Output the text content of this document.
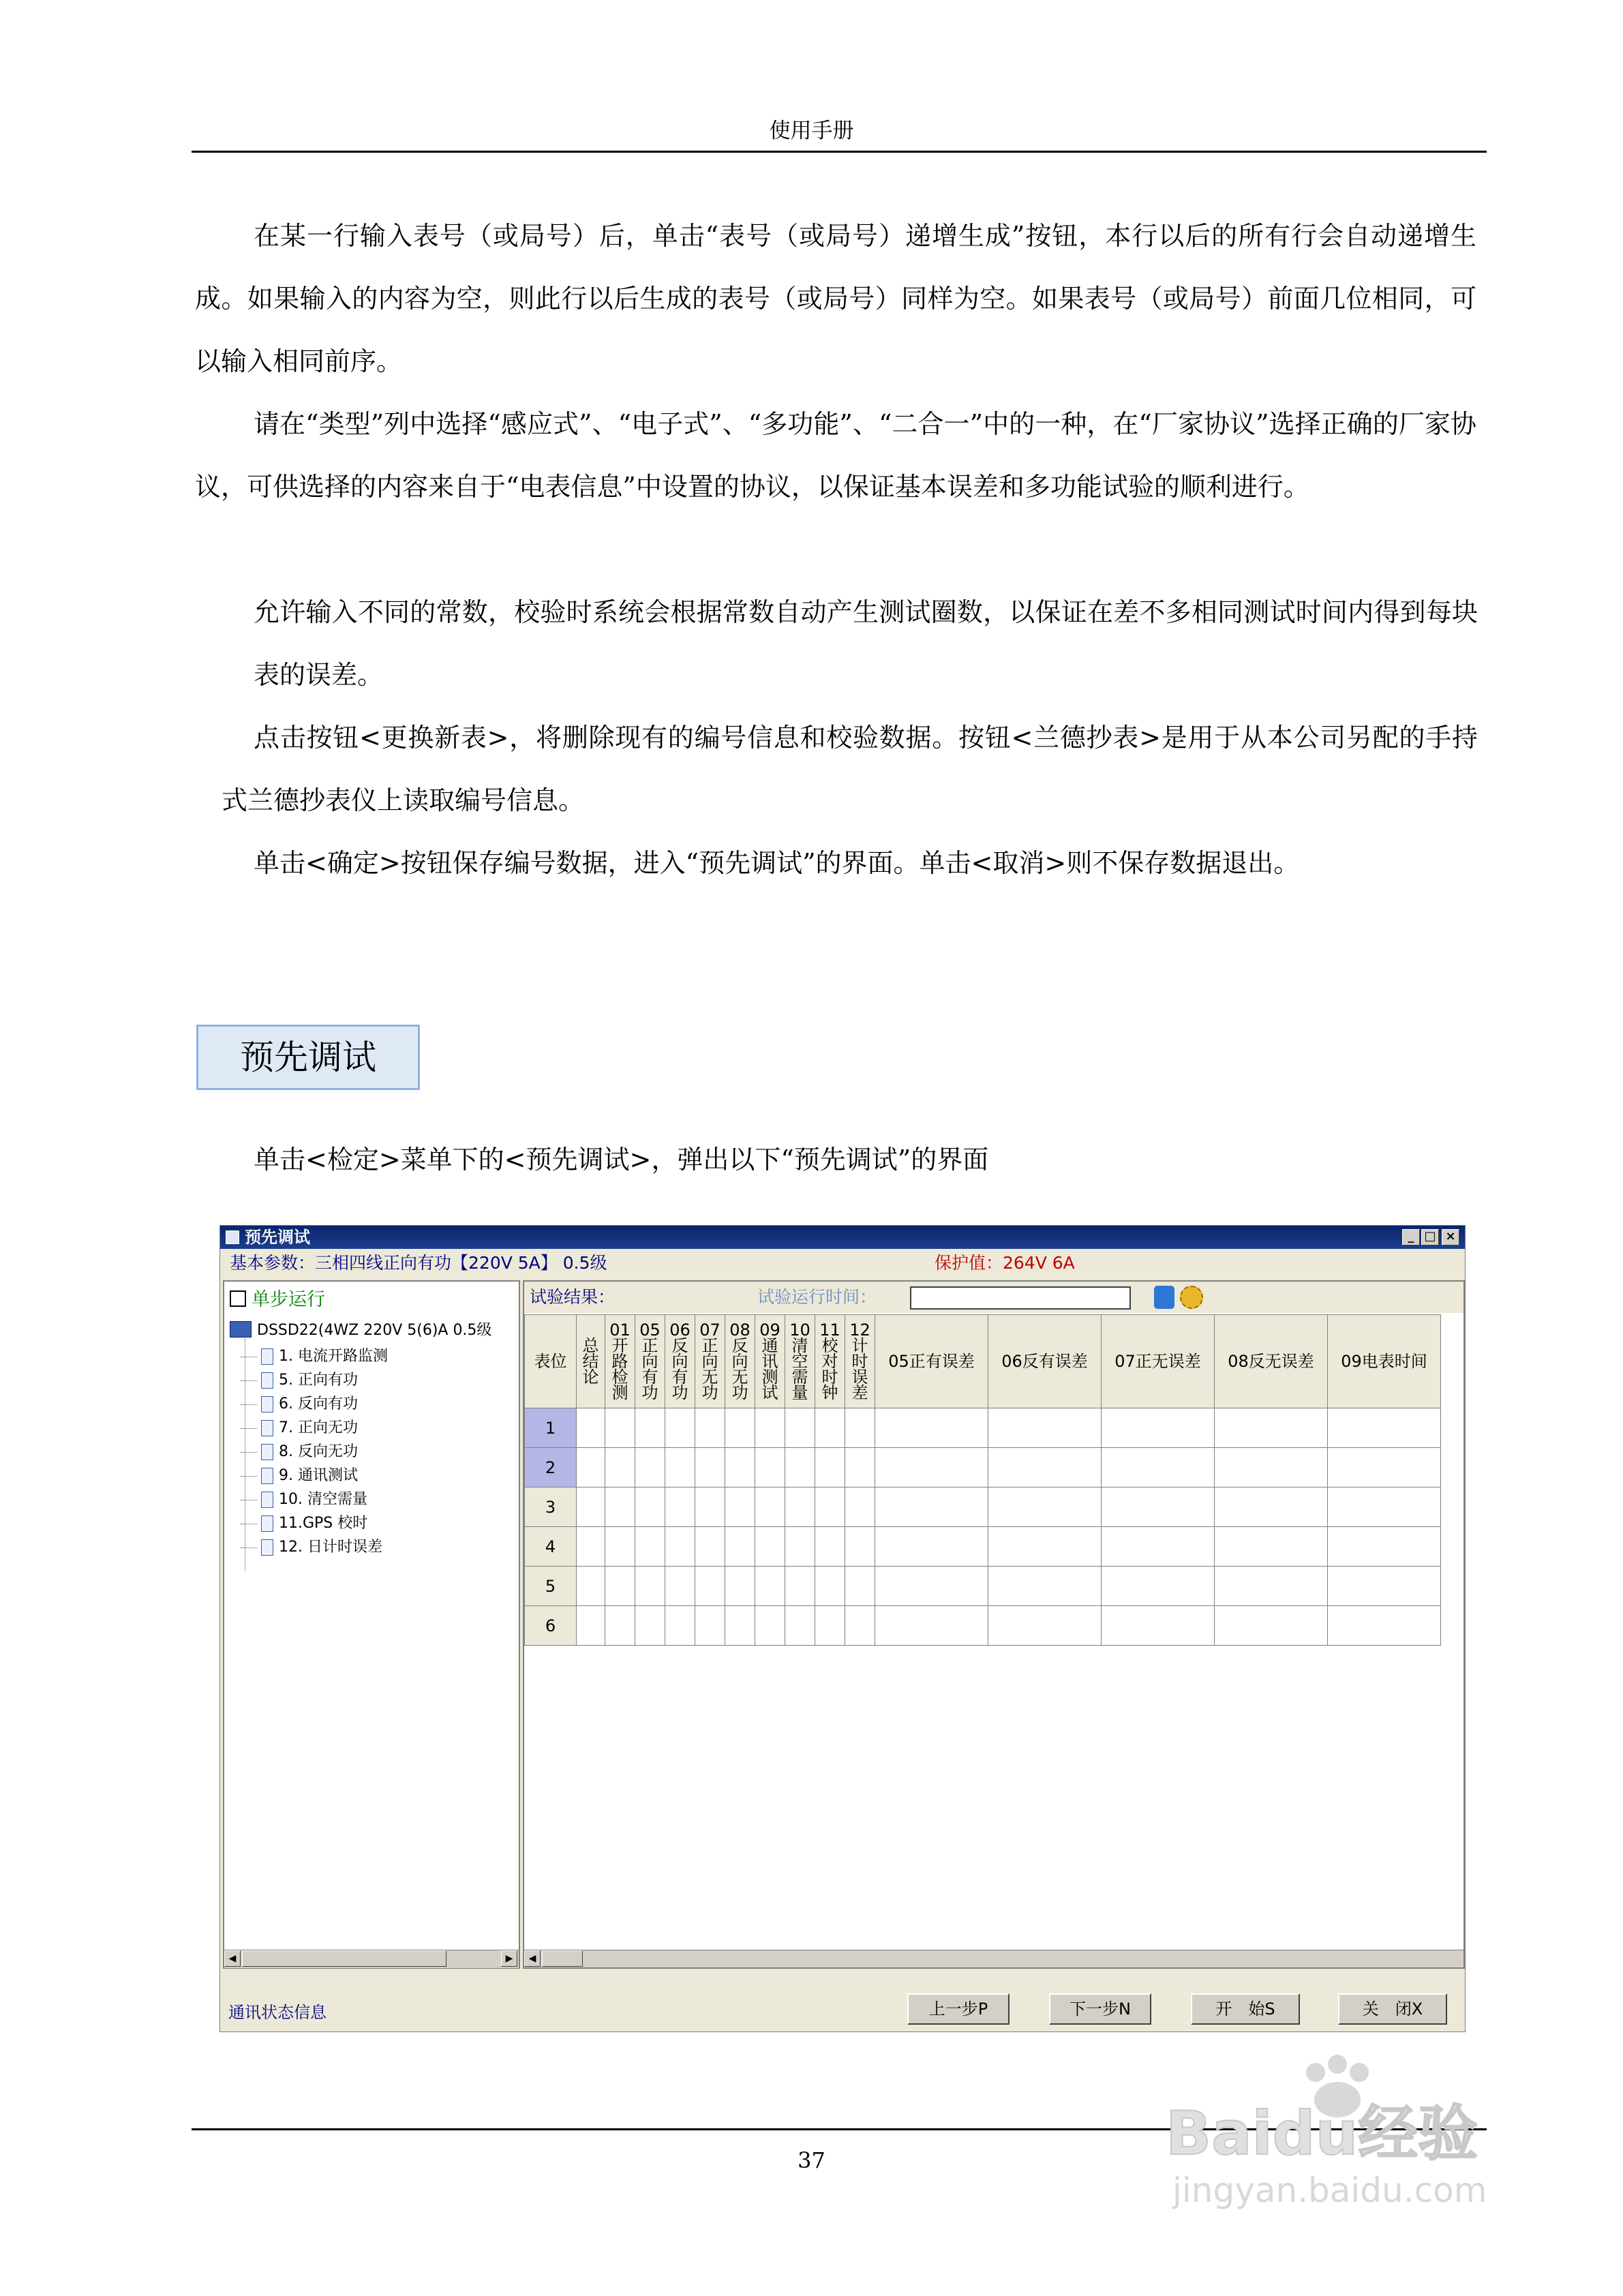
使用手册

在某一行输入表号（或局号）后，单击“表号（或局号）递增生成”按钮，本行以后的所有行会自动递增生成。如果输入的内容为空，则此行以后生成的表号（或局号）同样为空。如果表号（或局号）前面几位相同，可以输入相同前序。

请在“类型”列中选择“感应式”、“电子式”、“多功能”、“二合一”中的一种，在“厂家协议”选择正确的厂家协议，可供选择的内容来自于“电表信息”中设置的协议，以保证基本误差和多功能试验的顺利进行。

允许输入不同的常数，校验时系统会根据常数自动产生测试圈数，以保证在差不多相同测试时间内得到每块表的误差。

点击按钮<更换新表>，将删除现有的编号信息和校验数据。按钮<兰德抄表>是用于从本公司另配的手持式兰德抄表仪上读取编号信息。

单击<确定>按钮保存编号数据，进入“预先调试”的界面。单击<取消>则不保存数据退出。

预先调试

单击<检定>菜单下的<预先调试>，弹出以下“预先调试”的界面

预先调试	_ □ ×
基本参数：三相四线正向有功【220V 5A】 0.5级	保护值：264V 6A
单步运行
DSSD22(4WZ 220V 5(6)A 0.5级
1. 电流开路监测
5. 正向有功
6. 反向有功
7. 正向无功
8. 反向无功
9. 通讯测试
10. 清空需量
11.GPS 校时
12. 日计时误差
◀	▶
试验结果：	试验运行时间：
表位	总结论	01开路检测	05正向有功	06反向有功	07正向无功	08反向无功	09通讯测试	10清空需量	11校对时钟	12计时误差	05正有误差	06反有误差	07正无误差	08反无误差	09电表时间
1															
2															
3															
4															
5															
6															
◀
通讯状态信息	上一步P	下一步N	开　始S	关　闭X
37	Baidu经验
jingyan.baidu.com
